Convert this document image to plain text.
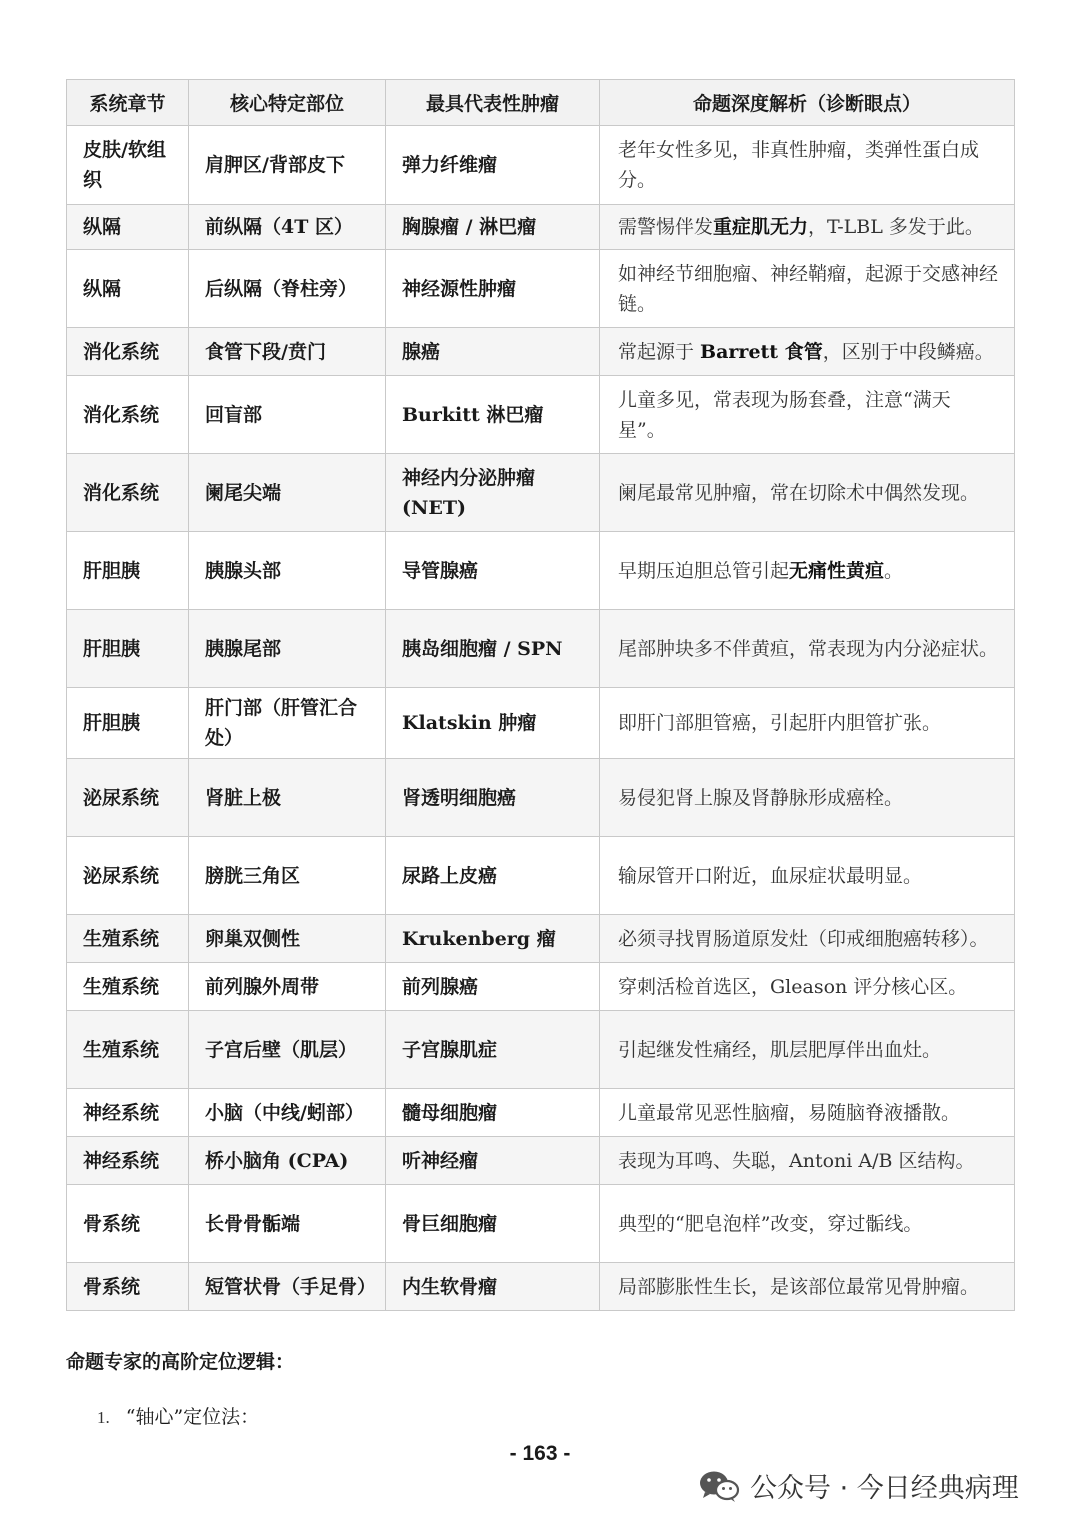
系统章节	核心特定部位	最具代表性肿瘤	命题深度解析（诊断眼点）
皮肤/软组织	肩胛区/背部皮下	弹力纤维瘤	老年女性多见，非真性肿瘤，类弹性蛋白成分。
纵隔	前纵隔（4T 区）	胸腺瘤 / 淋巴瘤	需警惕伴发重症肌无力，T-LBL 多发于此。
纵隔	后纵隔（脊柱旁）	神经源性肿瘤	如神经节细胞瘤、神经鞘瘤，起源于交感神经链。
消化系统	食管下段/贲门	腺癌	常起源于 Barrett 食管，区别于中段鳞癌。
消化系统	回盲部	Burkitt 淋巴瘤	儿童多见，常表现为肠套叠，注意“满天星”。
消化系统	阑尾尖端	神经内分泌肿瘤 (NET)	阑尾最常见肿瘤，常在切除术中偶然发现。
肝胆胰	胰腺头部	导管腺癌	早期压迫胆总管引起无痛性黄疸。
肝胆胰	胰腺尾部	胰岛细胞瘤 / SPN	尾部肿块多不伴黄疸，常表现为内分泌症状。
肝胆胰	肝门部（肝管汇合处）	Klatskin 肿瘤	即肝门部胆管癌，引起肝内胆管扩张。
泌尿系统	肾脏上极	肾透明细胞癌	易侵犯肾上腺及肾静脉形成癌栓。
泌尿系统	膀胱三角区	尿路上皮癌	输尿管开口附近，血尿症状最明显。
生殖系统	卵巢双侧性	Krukenberg 瘤	必须寻找胃肠道原发灶（印戒细胞癌转移）。
生殖系统	前列腺外周带	前列腺癌	穿刺活检首选区，Gleason 评分核心区。
生殖系统	子宫后壁（肌层）	子宫腺肌症	引起继发性痛经，肌层肥厚伴出血灶。
神经系统	小脑（中线/蚓部）	髓母细胞瘤	儿童最常见恶性脑瘤，易随脑脊液播散。
神经系统	桥小脑角 (CPA)	听神经瘤	表现为耳鸣、失聪，Antoni A/B 区结构。
骨系统	长骨骨骺端	骨巨细胞瘤	典型的“肥皂泡样”改变，穿过骺线。
骨系统	短管状骨（手足骨）	内生软骨瘤	局部膨胀性生长，是该部位最常见骨肿瘤。
命题专家的高阶定位逻辑：
1. “轴心”定位法：
- 163 -
公众号 · 今日经典病理
